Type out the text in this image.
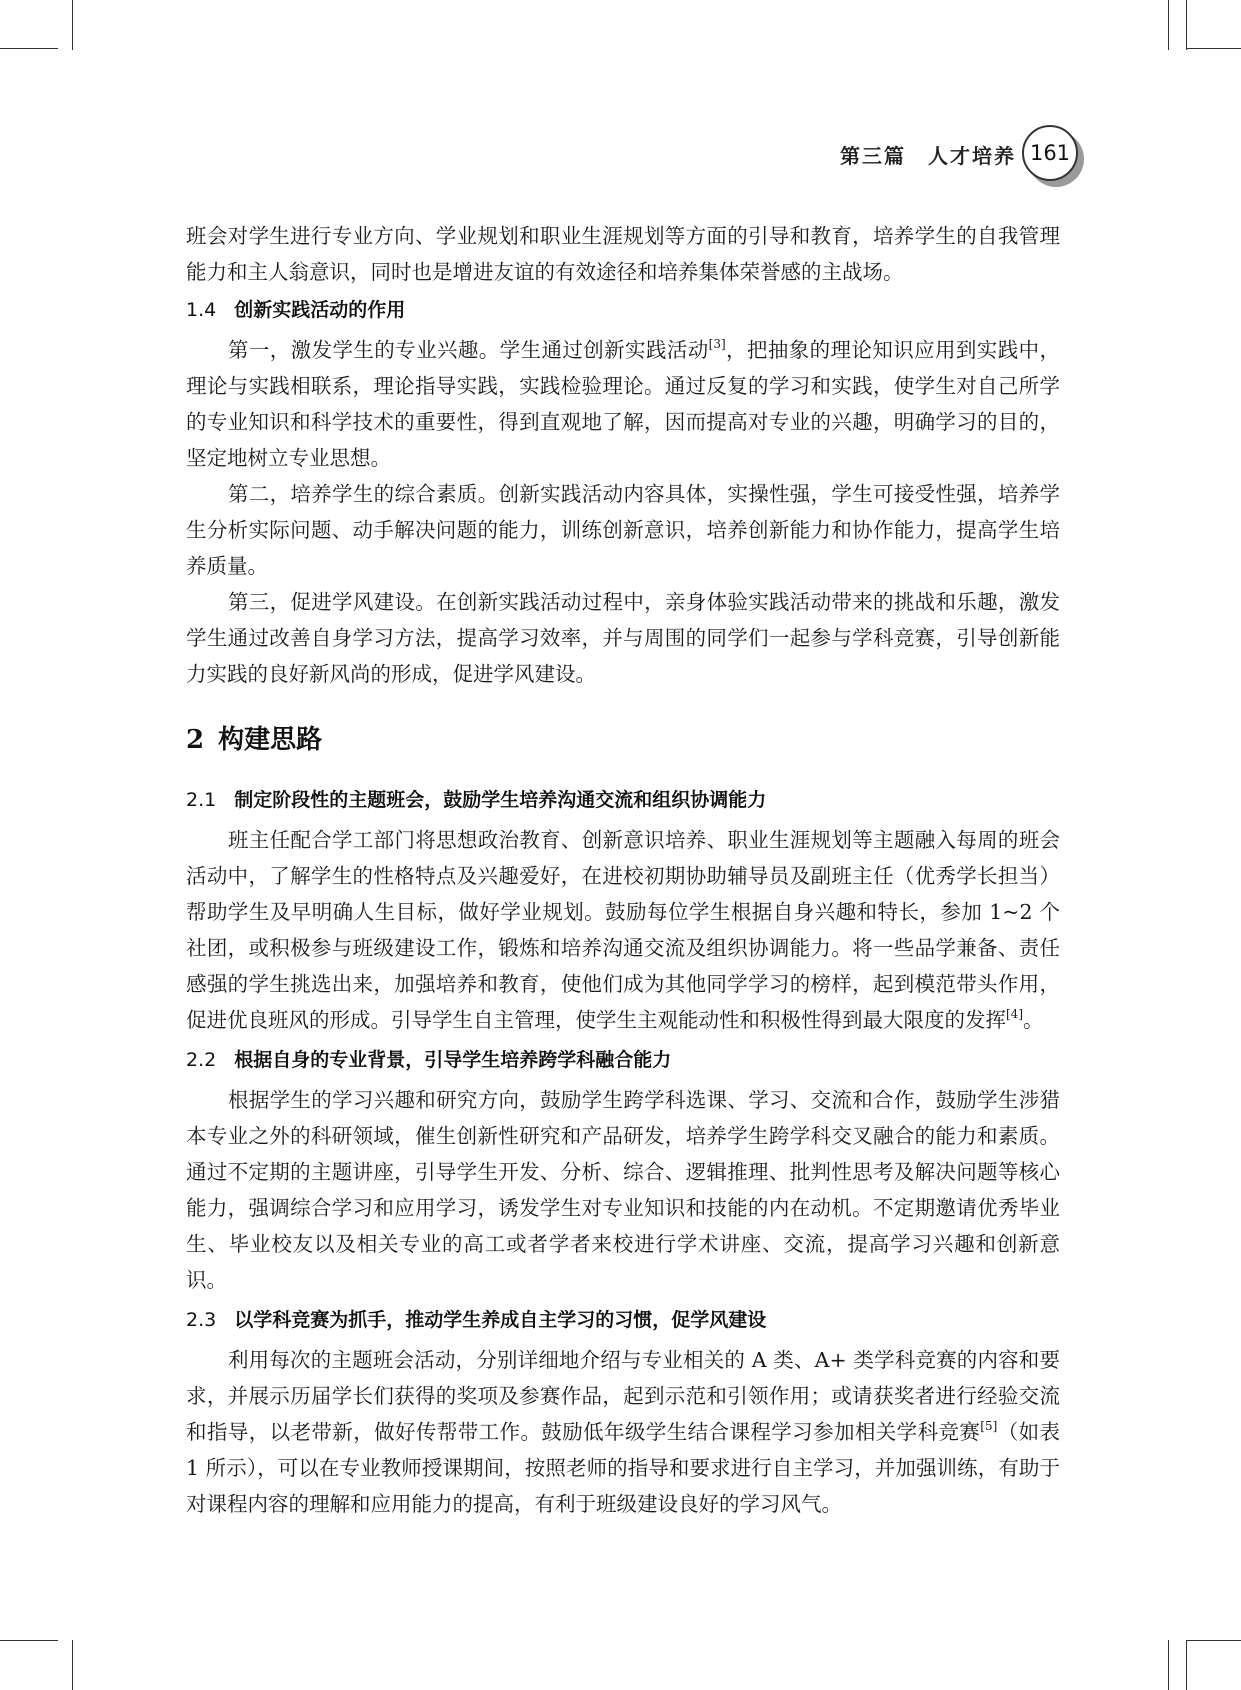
第三篇　人才培养 161

班会对学生进行专业方向、学业规划和职业生涯规划等方面的引导和教育，培养学生的自我管理能力和主人翁意识，同时也是增进友谊的有效途径和培养集体荣誉感的主战场。

1.4 创新实践活动的作用

第一，激发学生的专业兴趣。学生通过创新实践活动[3]，把抽象的理论知识应用到实践中，理论与实践相联系，理论指导实践，实践检验理论。通过反复的学习和实践，使学生对自己所学的专业知识和科学技术的重要性，得到直观地了解，因而提高对专业的兴趣，明确学习的目的，坚定地树立专业思想。

第二，培养学生的综合素质。创新实践活动内容具体，实操性强，学生可接受性强，培养学生分析实际问题、动手解决问题的能力，训练创新意识，培养创新能力和协作能力，提高学生培养质量。

第三，促进学风建设。在创新实践活动过程中，亲身体验实践活动带来的挑战和乐趣，激发学生通过改善自身学习方法，提高学习效率，并与周围的同学们一起参与学科竞赛，引导创新能力实践的良好新风尚的形成，促进学风建设。

2 构建思路

2.1 制定阶段性的主题班会，鼓励学生培养沟通交流和组织协调能力

班主任配合学工部门将思想政治教育、创新意识培养、职业生涯规划等主题融入每周的班会活动中，了解学生的性格特点及兴趣爱好，在进校初期协助辅导员及副班主任（优秀学长担当）帮助学生及早明确人生目标，做好学业规划。鼓励每位学生根据自身兴趣和特长，参加 1~2 个社团，或积极参与班级建设工作，锻炼和培养沟通交流及组织协调能力。将一些品学兼备、责任感强的学生挑选出来，加强培养和教育，使他们成为其他同学学习的榜样，起到模范带头作用，促进优良班风的形成。引导学生自主管理，使学生主观能动性和积极性得到最大限度的发挥[4]。

2.2 根据自身的专业背景，引导学生培养跨学科融合能力

根据学生的学习兴趣和研究方向，鼓励学生跨学科选课、学习、交流和合作，鼓励学生涉猎本专业之外的科研领域，催生创新性研究和产品研发，培养学生跨学科交叉融合的能力和素质。通过不定期的主题讲座，引导学生开发、分析、综合、逻辑推理、批判性思考及解决问题等核心能力，强调综合学习和应用学习，诱发学生对专业知识和技能的内在动机。不定期邀请优秀毕业生、毕业校友以及相关专业的高工或者学者来校进行学术讲座、交流，提高学习兴趣和创新意识。

2.3 以学科竞赛为抓手，推动学生养成自主学习的习惯，促学风建设

利用每次的主题班会活动，分别详细地介绍与专业相关的 A 类、A+ 类学科竞赛的内容和要求，并展示历届学长们获得的奖项及参赛作品，起到示范和引领作用；或请获奖者进行经验交流和指导，以老带新，做好传帮带工作。鼓励低年级学生结合课程学习参加相关学科竞赛[5]（如表 1 所示），可以在专业教师授课期间，按照老师的指导和要求进行自主学习，并加强训练，有助于对课程内容的理解和应用能力的提高，有利于班级建设良好的学习风气。
